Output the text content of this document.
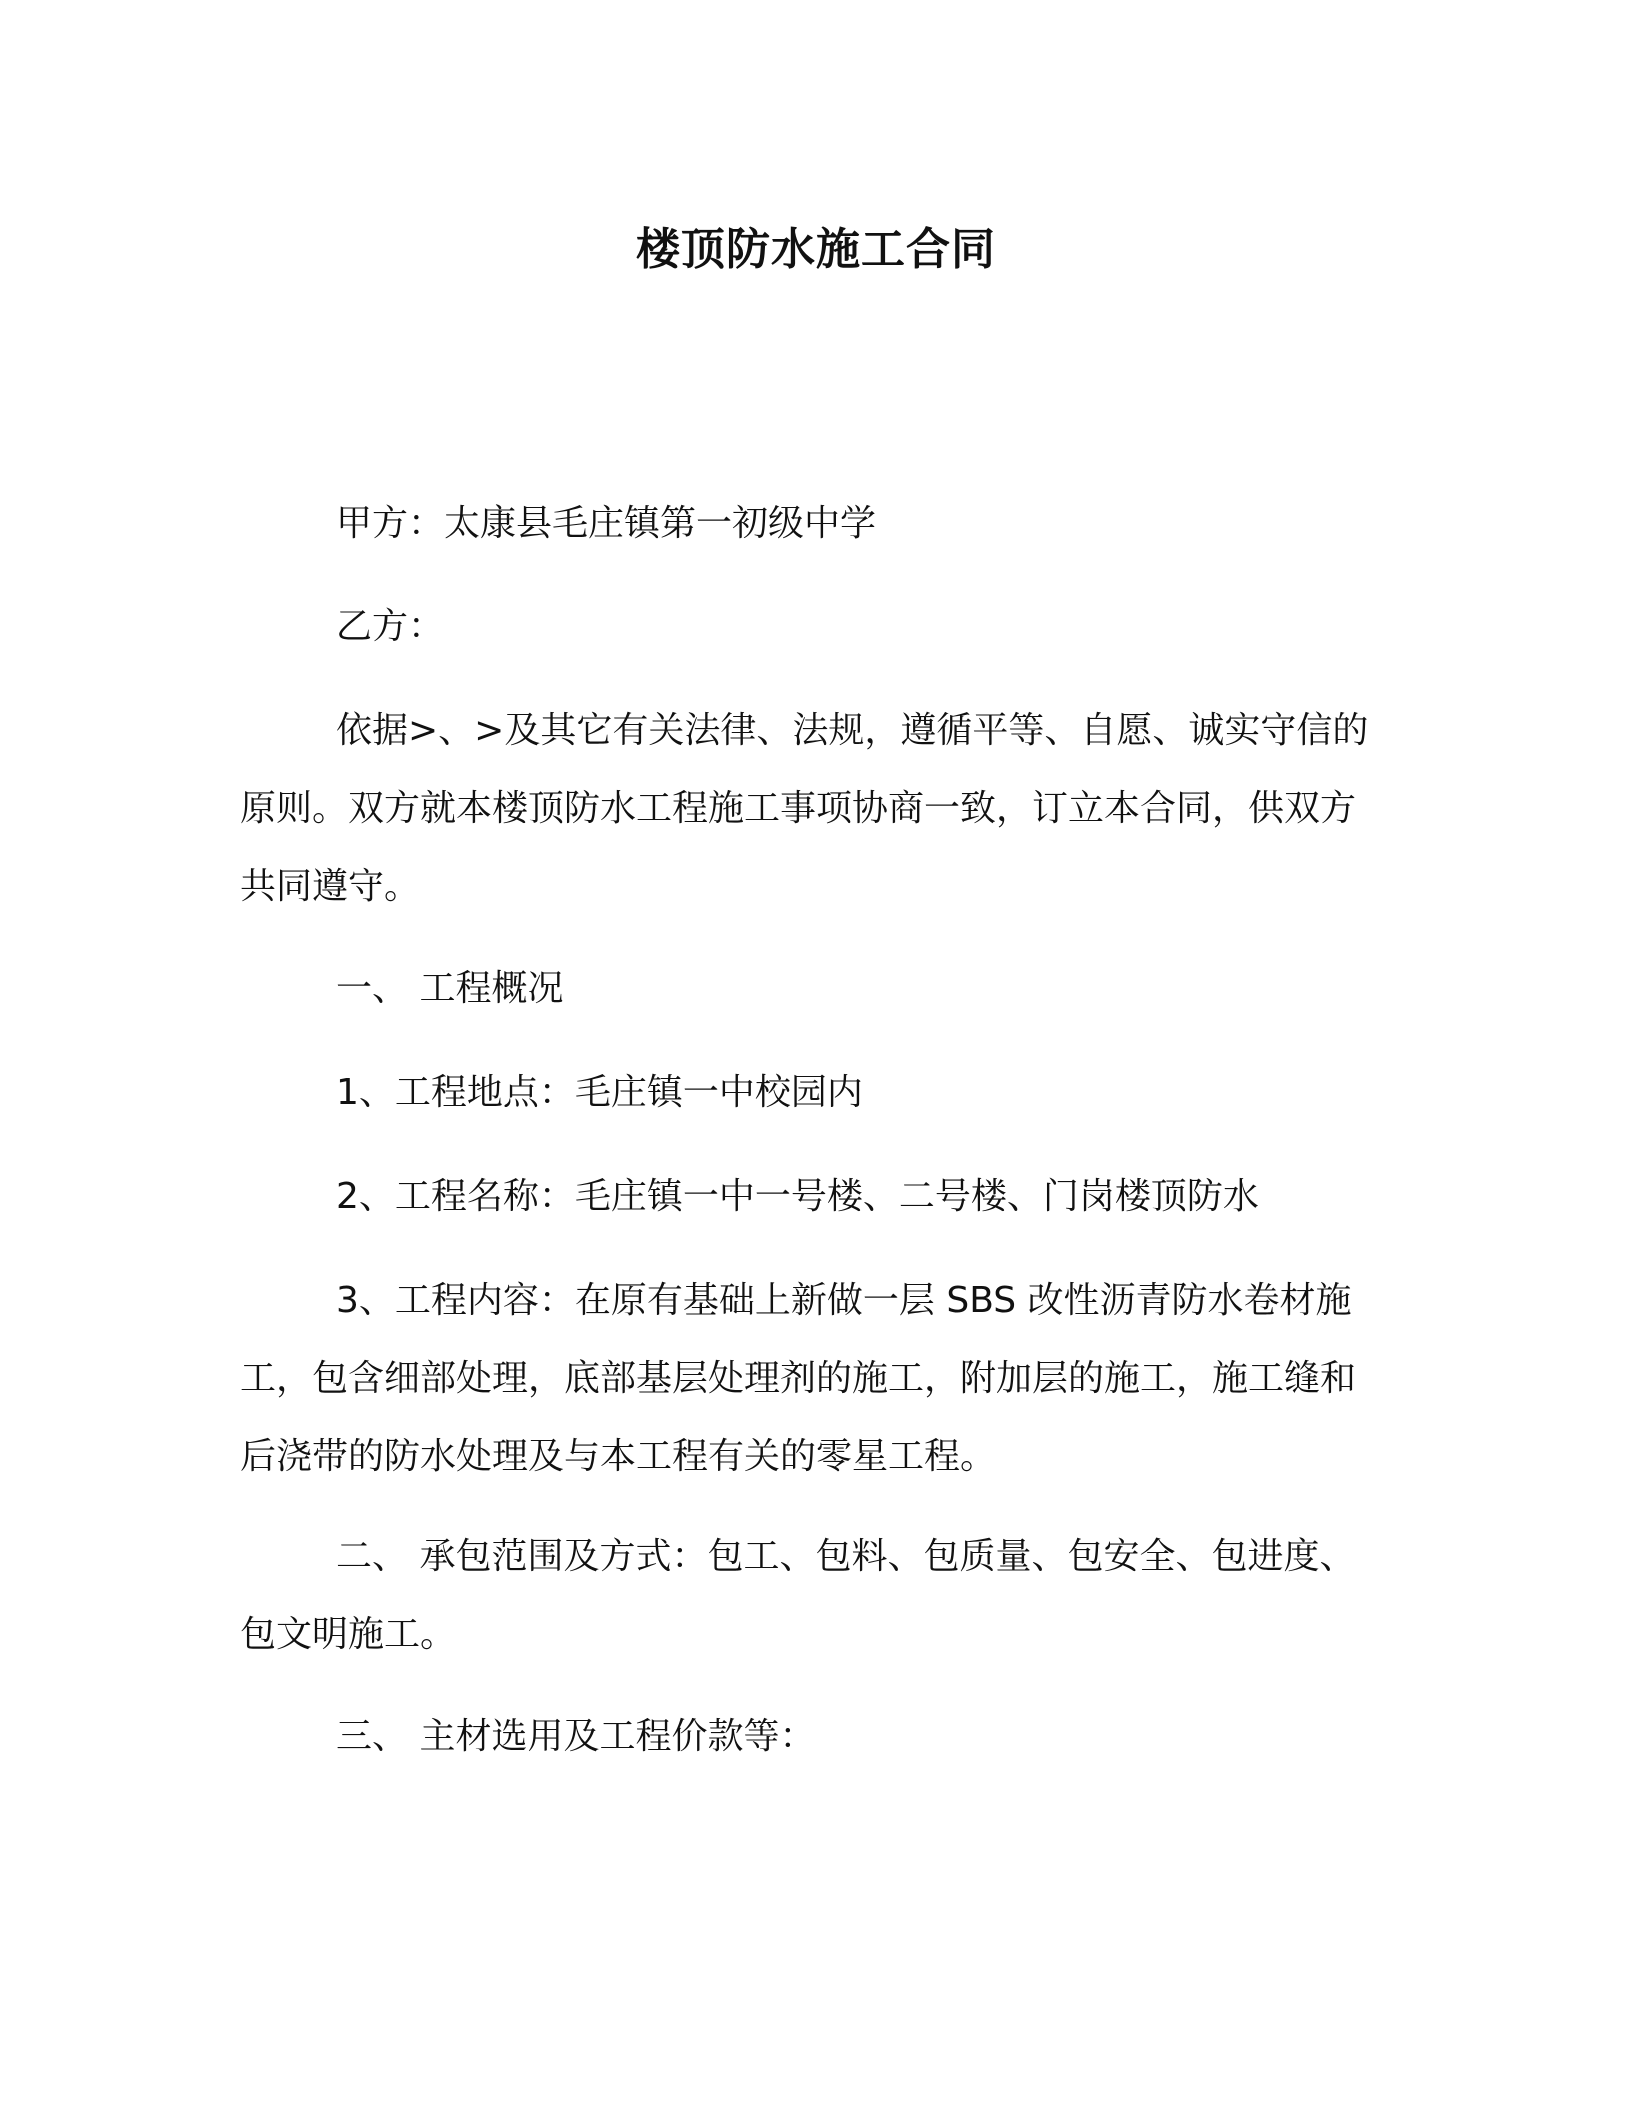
楼顶防水施工合同

甲方：太康县毛庄镇第一初级中学

乙方：

依据>、>及其它有关法律、法规，遵循平等、自愿、诚实守信的原则。双方就本楼顶防水工程施工事项协商一致，订立本合同，供双方共同遵守。

一、 工程概况

1、工程地点：毛庄镇一中校园内

2、工程名称：毛庄镇一中一号楼、二号楼、门岗楼顶防水

3、工程内容：在原有基础上新做一层 SBS 改性沥青防水卷材施工，包含细部处理，底部基层处理剂的施工，附加层的施工，施工缝和后浇带的防水处理及与本工程有关的零星工程。

二、 承包范围及方式：包工、包料、包质量、包安全、包进度、包文明施工。

三、 主材选用及工程价款等：
